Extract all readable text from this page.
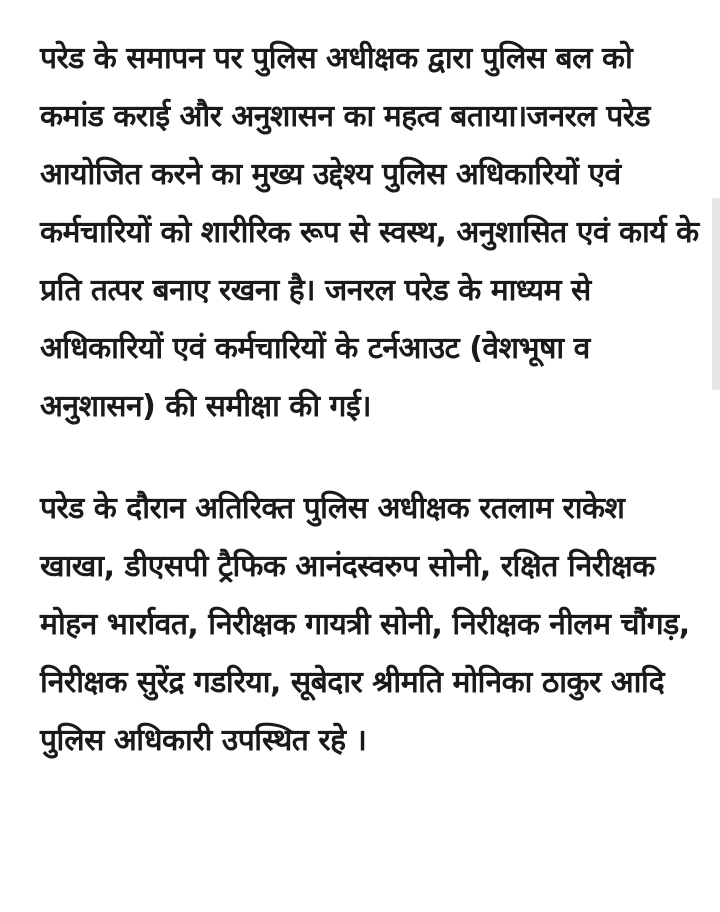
परेड के समापन पर पुलिस अधीक्षक द्वारा पुलिस बल को कमांड कराई और अनुशासन का महत्व बताया।जनरल परेड आयोजित करने का मुख्य उद्देश्य पुलिस अधिकारियों एवं कर्मचारियों को शारीरिक रूप से स्वस्थ, अनुशासित एवं कार्य के प्रति तत्पर बनाए रखना है। जनरल परेड के माध्यम से अधिकारियों एवं कर्मचारियों के टर्नआउट (वेशभूषा व अनुशासन) की समीक्षा की गई।

परेड के दौरान अतिरिक्त पुलिस अधीक्षक रतलाम राकेश खाखा, डीएसपी ट्रैफिक आनंदस्वरुप सोनी, रक्षित निरीक्षक मोहन भार्रावत, निरीक्षक गायत्री सोनी, निरीक्षक नीलम चौंगड़, निरीक्षक सुरेंद्र गडरिया, सूबेदार श्रीमति मोनिका ठाकुर आदि पुलिस अधिकारी उपस्थित रहे ।
